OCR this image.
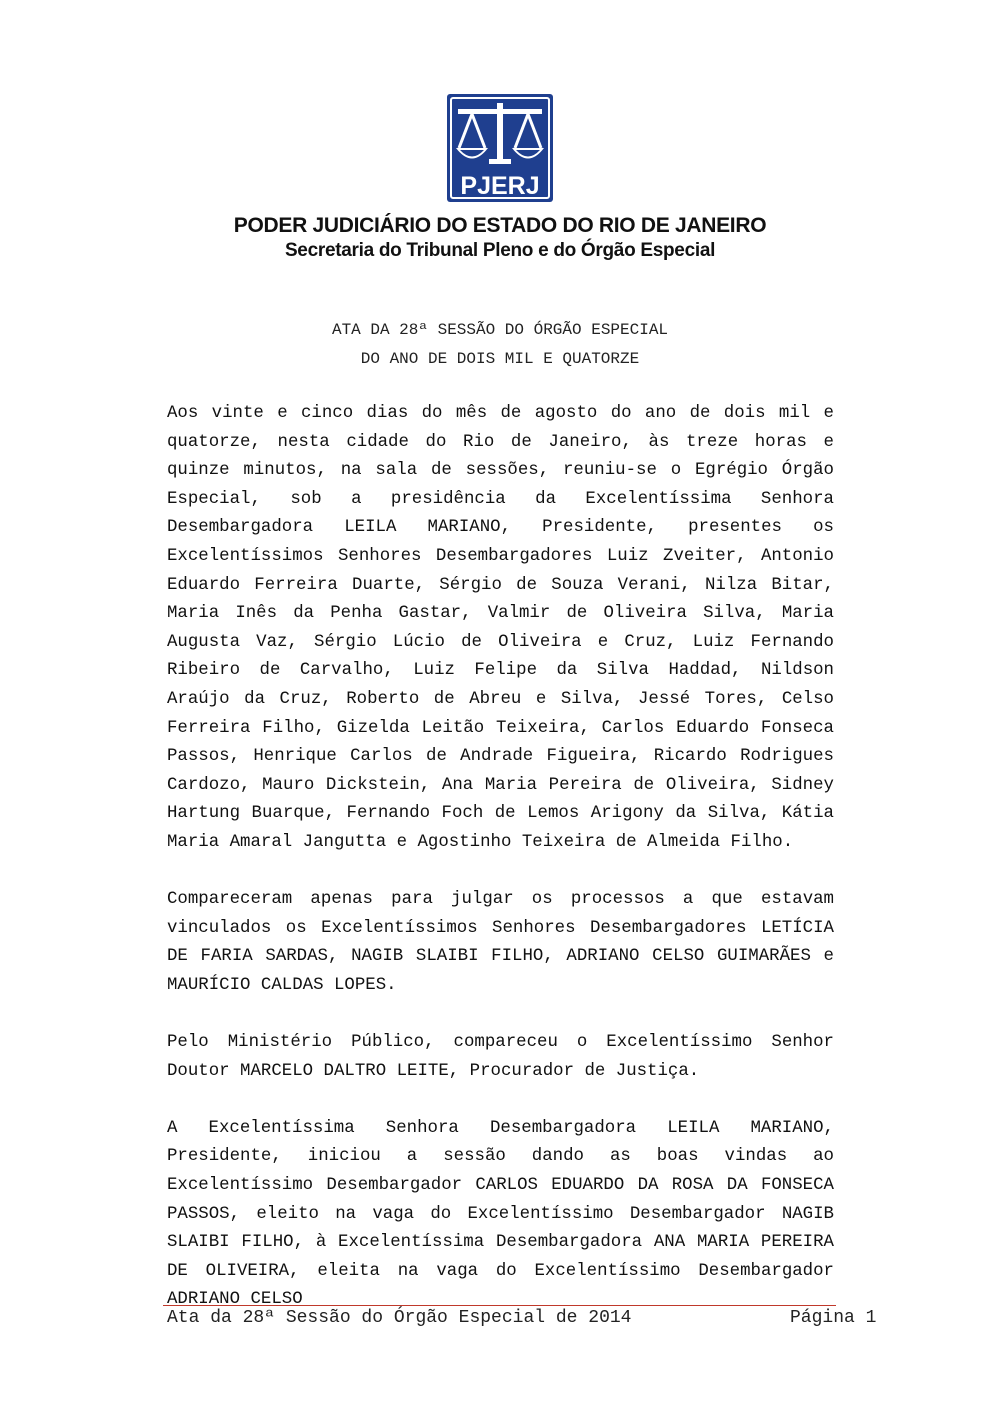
PJERJ
PODER JUDICIÁRIO DO ESTADO DO RIO DE JANEIRO
Secretaria do Tribunal Pleno e do Órgão Especial
ATA DA 28ª SESSÃO DO ÓRGÃO ESPECIAL
DO ANO DE DOIS MIL E QUATORZE

Aos vinte e cinco dias do mês de agosto do ano de dois mil e quatorze, nesta cidade do Rio de Janeiro, às treze horas e quinze minutos, na sala de sessões, reuniu-se o Egrégio Órgão Especial, sob a presidência da Excelentíssima Senhora Desembargadora LEILA MARIANO, Presidente, presentes os Excelentíssimos Senhores Desembargadores Luiz Zveiter, Antonio Eduardo Ferreira Duarte, Sérgio de Souza Verani, Nilza Bitar, Maria Inês da Penha Gastar, Valmir de Oliveira Silva, Maria Augusta Vaz, Sérgio Lúcio de Oliveira e Cruz, Luiz Fernando Ribeiro de Carvalho, Luiz Felipe da Silva Haddad, Nildson Araújo da Cruz, Roberto de Abreu e Silva, Jessé Tores, Celso Ferreira Filho, Gizelda Leitão Teixeira, Carlos Eduardo Fonseca Passos, Henrique Carlos de Andrade Figueira, Ricardo Rodrigues Cardozo, Mauro Dickstein, Ana Maria Pereira de Oliveira, Sidney Hartung Buarque, Fernando Foch de Lemos Arigony da Silva, Kátia Maria Amaral Jangutta e Agostinho Teixeira de Almeida Filho.

Compareceram apenas para julgar os processos a que estavam vinculados os Excelentíssimos Senhores Desembargadores LETÍCIA DE FARIA SARDAS, NAGIB SLAIBI FILHO, ADRIANO CELSO GUIMARÃES e MAURÍCIO CALDAS LOPES.

Pelo Ministério Público, compareceu o Excelentíssimo Senhor Doutor MARCELO DALTRO LEITE, Procurador de Justiça.

A Excelentíssima Senhora Desembargadora LEILA MARIANO, Presidente, iniciou a sessão dando as boas vindas ao Excelentíssimo Desembargador CARLOS EDUARDO DA ROSA DA FONSECA PASSOS, eleito na vaga do Excelentíssimo Desembargador NAGIB SLAIBI FILHO, à Excelentíssima Desembargadora ANA MARIA PEREIRA DE OLIVEIRA, eleita na vaga do Excelentíssimo Desembargador ADRIANO CELSO

Ata da 28ª Sessão do Órgão Especial de 2014	Página 1
